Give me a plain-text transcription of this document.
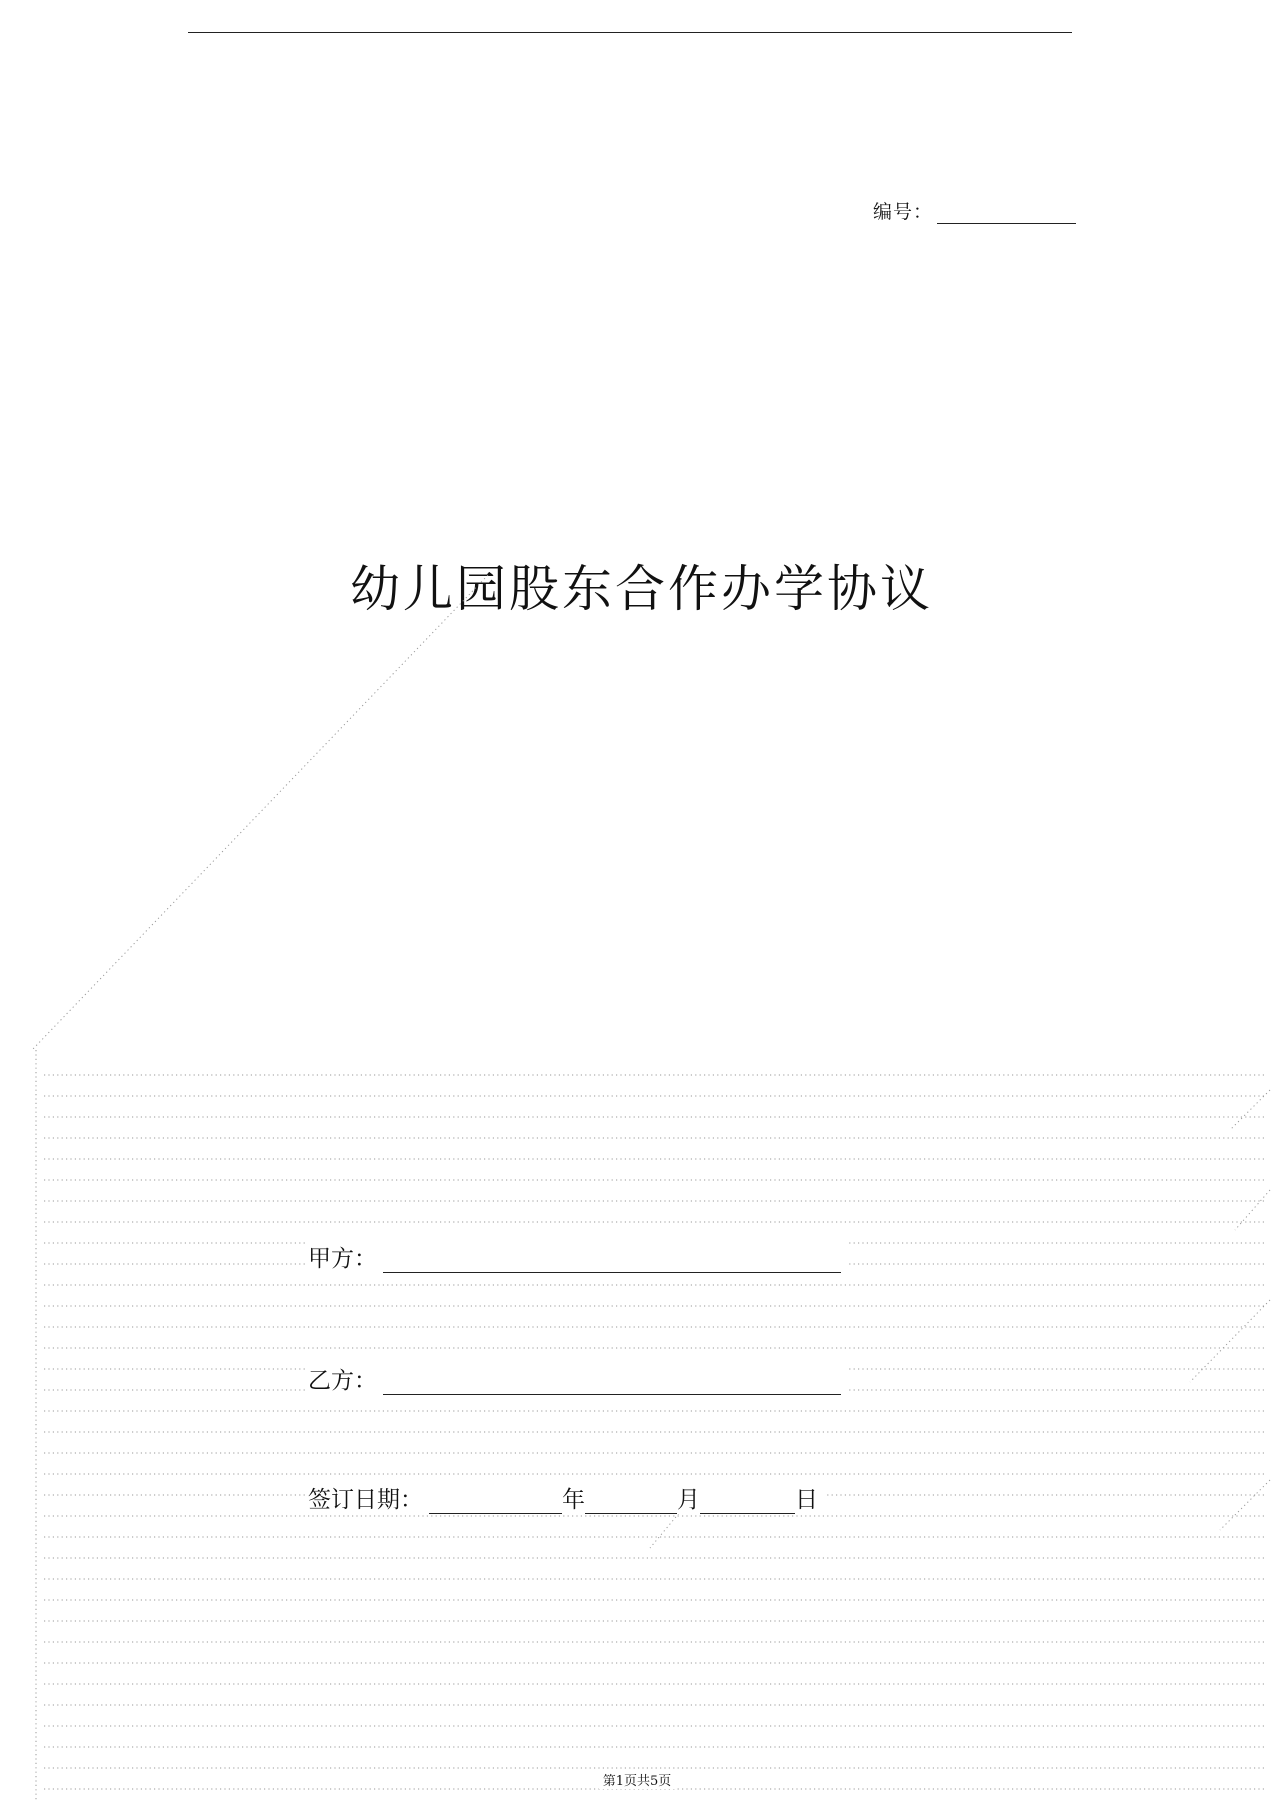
编号：
幼儿园股东合作办学协议
甲方：
乙方：
签订日期：	年	月	日
第1页共5页
